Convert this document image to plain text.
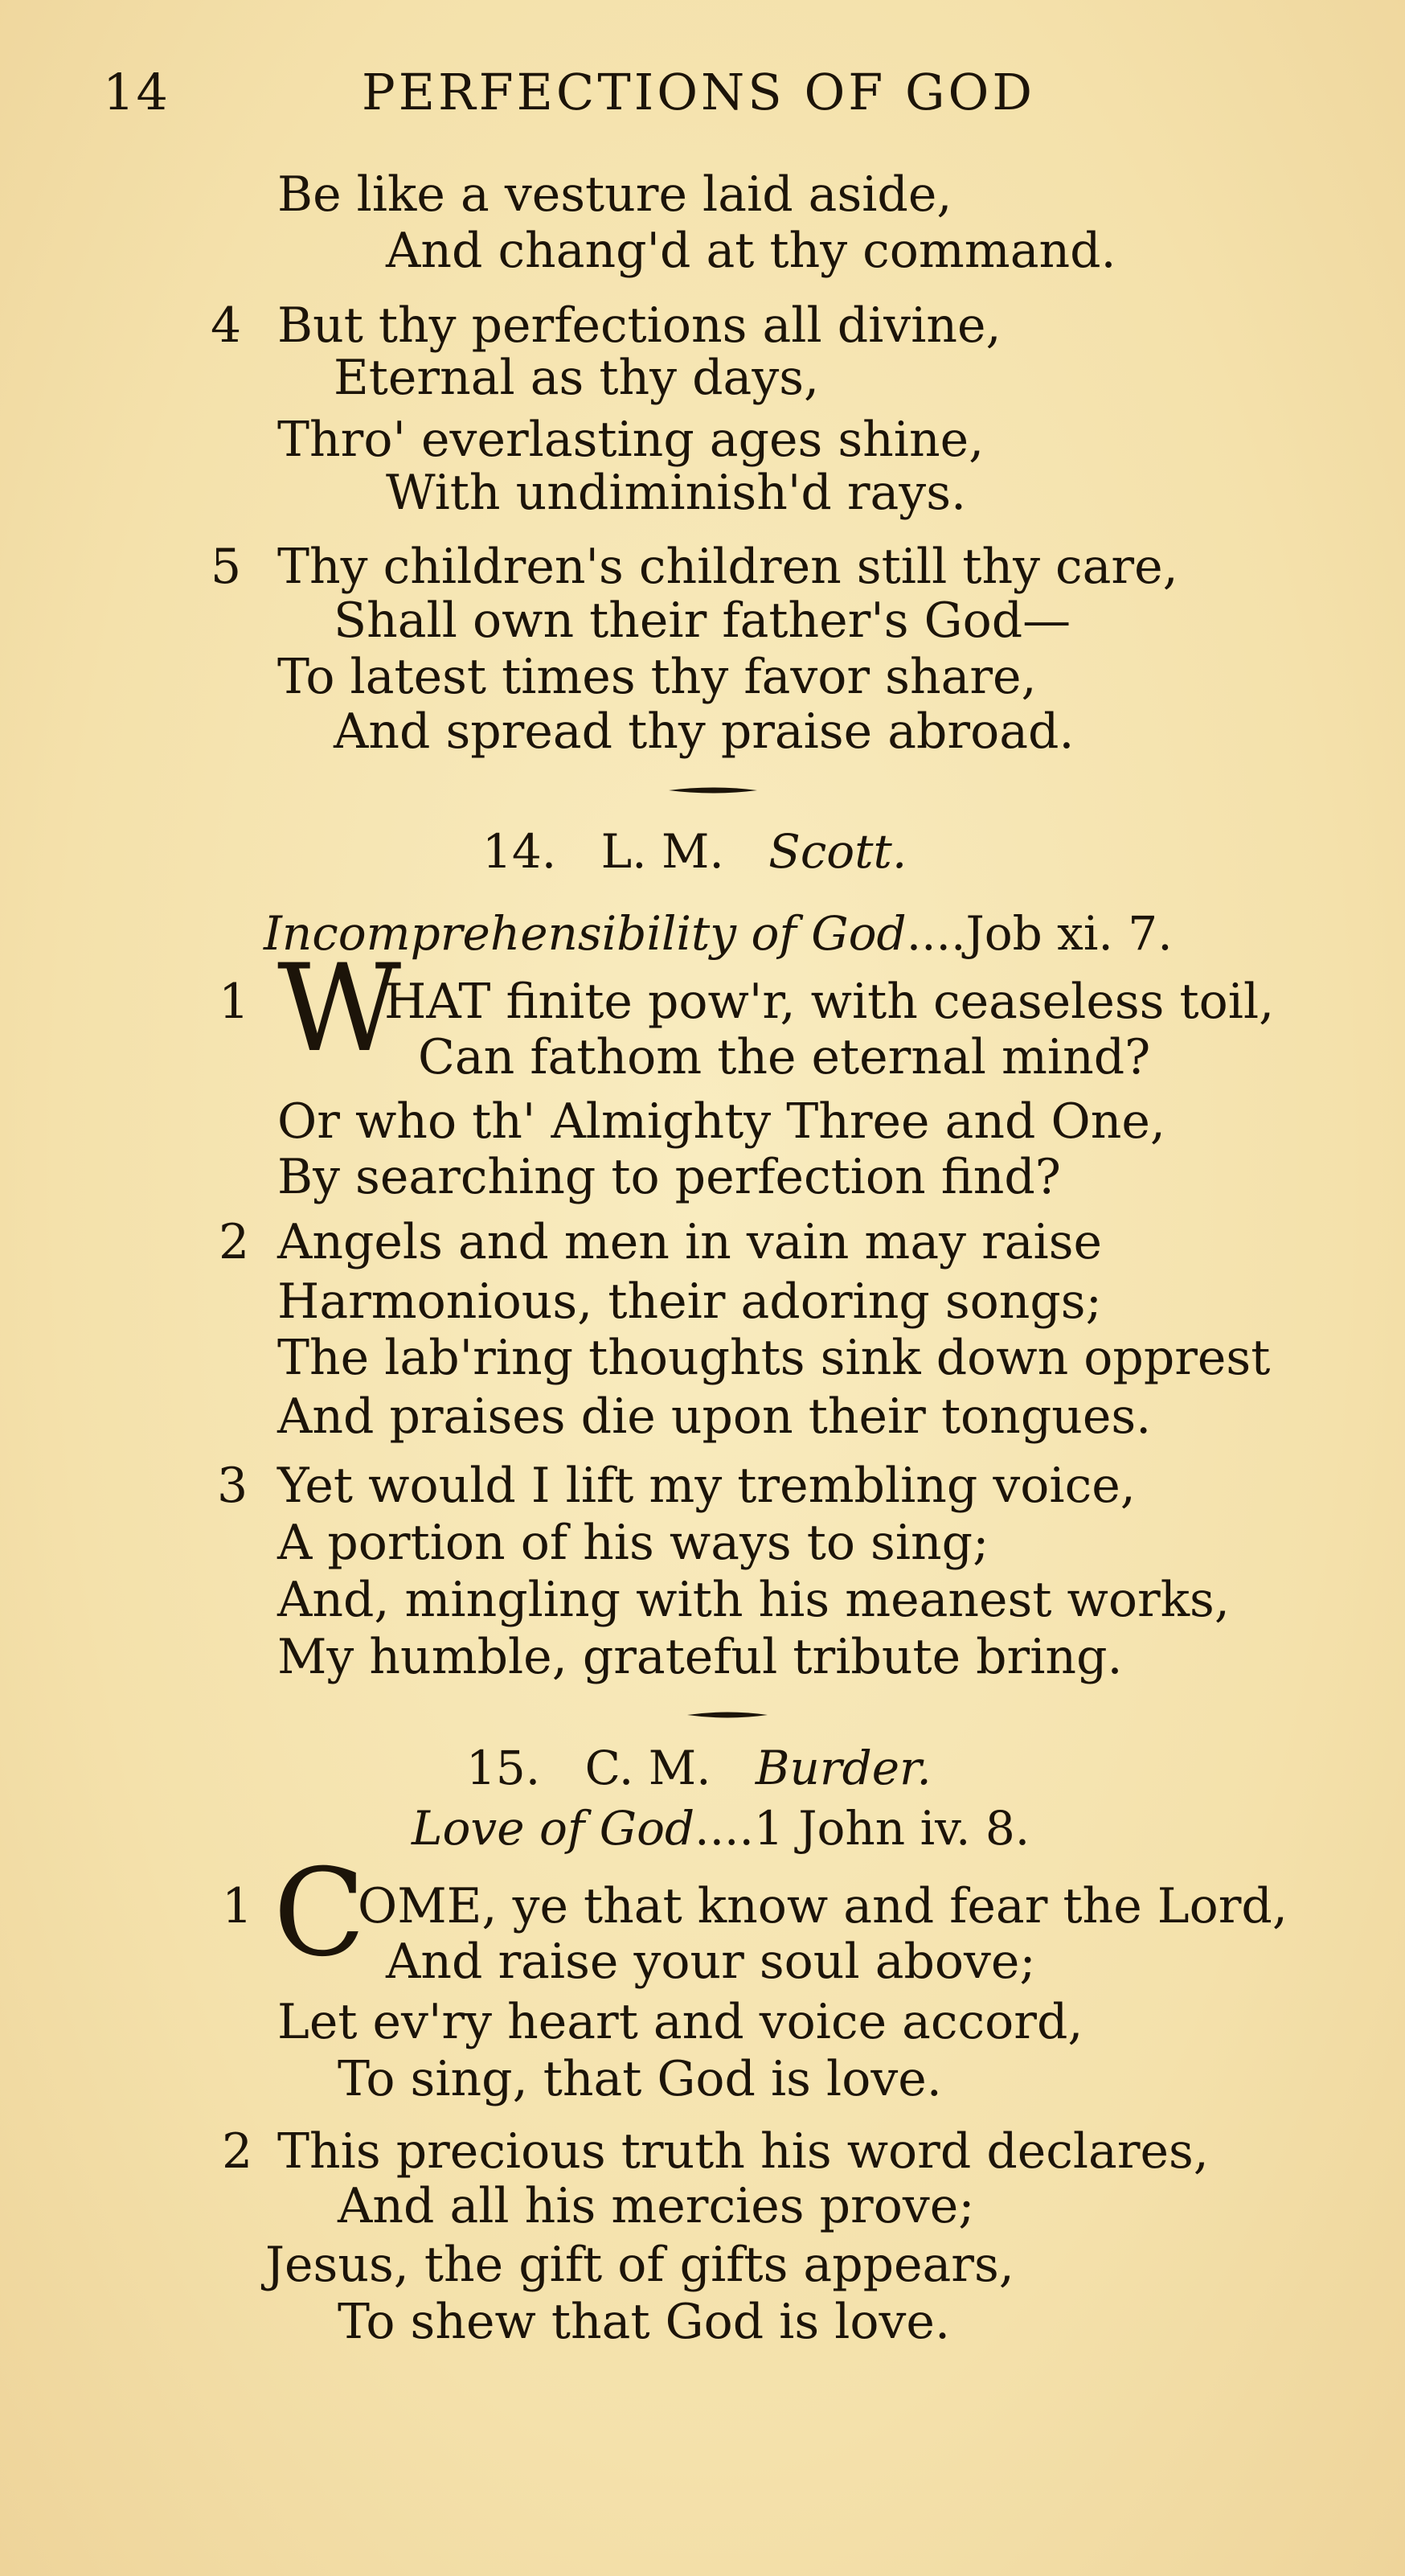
14	PERFECTIONS OF GOD
Be like a vesture laid aside,
And chang'd at thy command.
4 But thy perfections all divine,
Eternal as thy days,
Thro' everlasting ages shine,
With undiminish'd rays.
5 Thy children's children still thy care,
Shall own their father's God—
To latest times thy favor share,
And spread thy praise abroad.
14. L. M. Scott.
Incomprehensibility of God....Job xi. 7.
1 W
HAT finite pow'r, with ceaseless toil,
Can fathom the eternal mind?
Or who th' Almighty Three and One,
By searching to perfection find?
2 Angels and men in vain may raise
Harmonious, their adoring songs;
The lab'ring thoughts sink down opprest
And praises die upon their tongues.
3 Yet would I lift my trembling voice,
A portion of his ways to sing;
And, mingling with his meanest works,
My humble, grateful tribute bring.
15. C. M. Burder.
Love of God....1 John iv. 8.
1 C
OME, ye that know and fear the Lord,
And raise your soul above;
Let ev'ry heart and voice accord,
To sing, that God is love.
2 This precious truth his word declares,
And all his mercies prove;
Jesus, the gift of gifts appears,
To shew that God is love.
